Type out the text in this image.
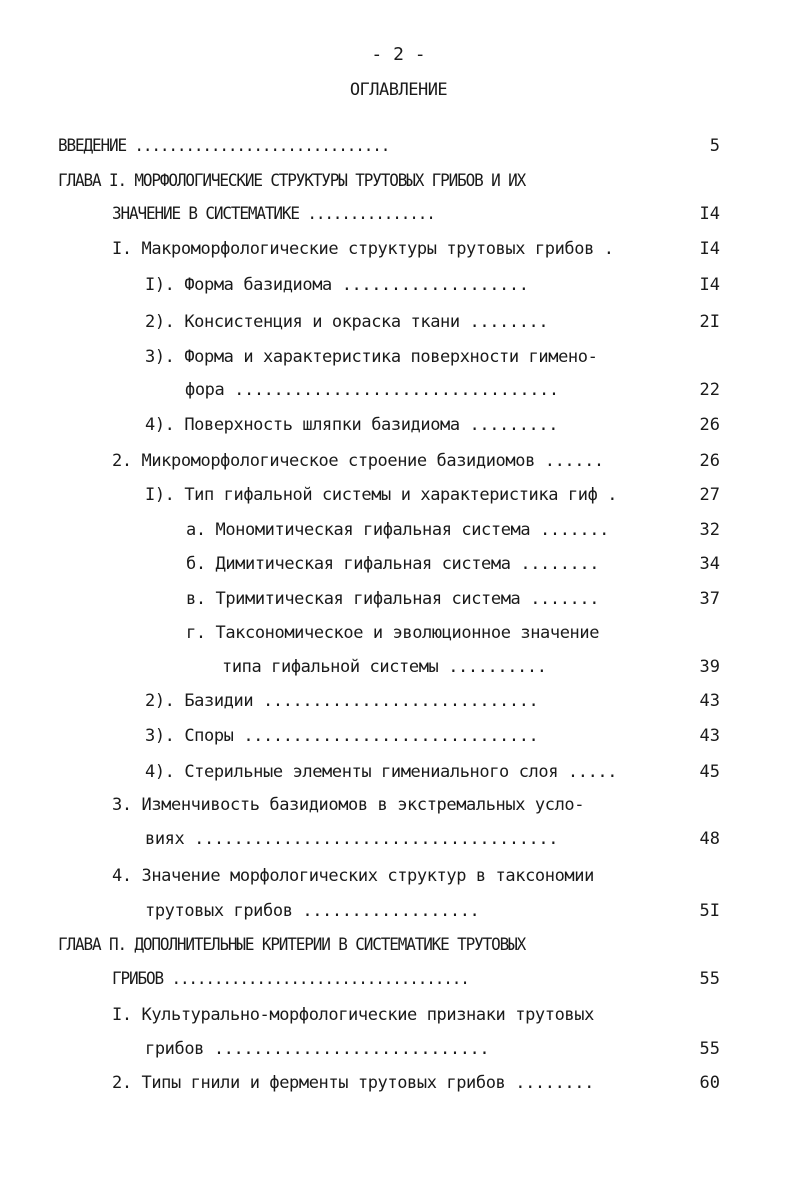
- 2 -
ОГЛАВЛЕНИЕ
ВВЕДЕНИЕ ..............................	5
ГЛАВА I. МОРФОЛОГИЧЕСКИЕ СТРУКТУРЫ ТРУТОВЫХ ГРИБОВ И ИХ
ЗНАЧЕНИЕ В СИСТЕМАТИКЕ ...............	I4
I. Макроморфологические структуры трутовых грибов .	I4
I). Форма базидиома ...................	I4
2). Консистенция и окраска ткани ........	2I
3). Форма и характеристика поверхности гимено-
фора .................................	22
4). Поверхность шляпки базидиома .........	26
2. Микроморфологическое строение базидиомов ......	26
I). Тип гифальной системы и характеристика гиф .	27
а. Мономитическая гифальная система .......	32
б. Димитическая гифальная система ........	34
в. Тримитическая гифальная система .......	37
г. Таксономическое и эволюционное значение
типа гифальной системы ..........	39
2). Базидии ............................	43
3). Споры ..............................	43
4). Стерильные элементы гимениального слоя .....	45
3. Изменчивость базидиомов в экстремальных усло-
виях .....................................	48
4. Значение морфологических структур в таксономии
трутовых грибов ..................	5I
ГЛАВА П. ДОПОЛНИТЕЛЬНЫЕ КРИТЕРИИ В СИСТЕМАТИКЕ ТРУТОВЫХ
ГРИБОВ ...................................	55
I. Культурально-морфологические признаки трутовых
грибов ............................	55
2. Типы гнили и ферменты трутовых грибов ........	60
